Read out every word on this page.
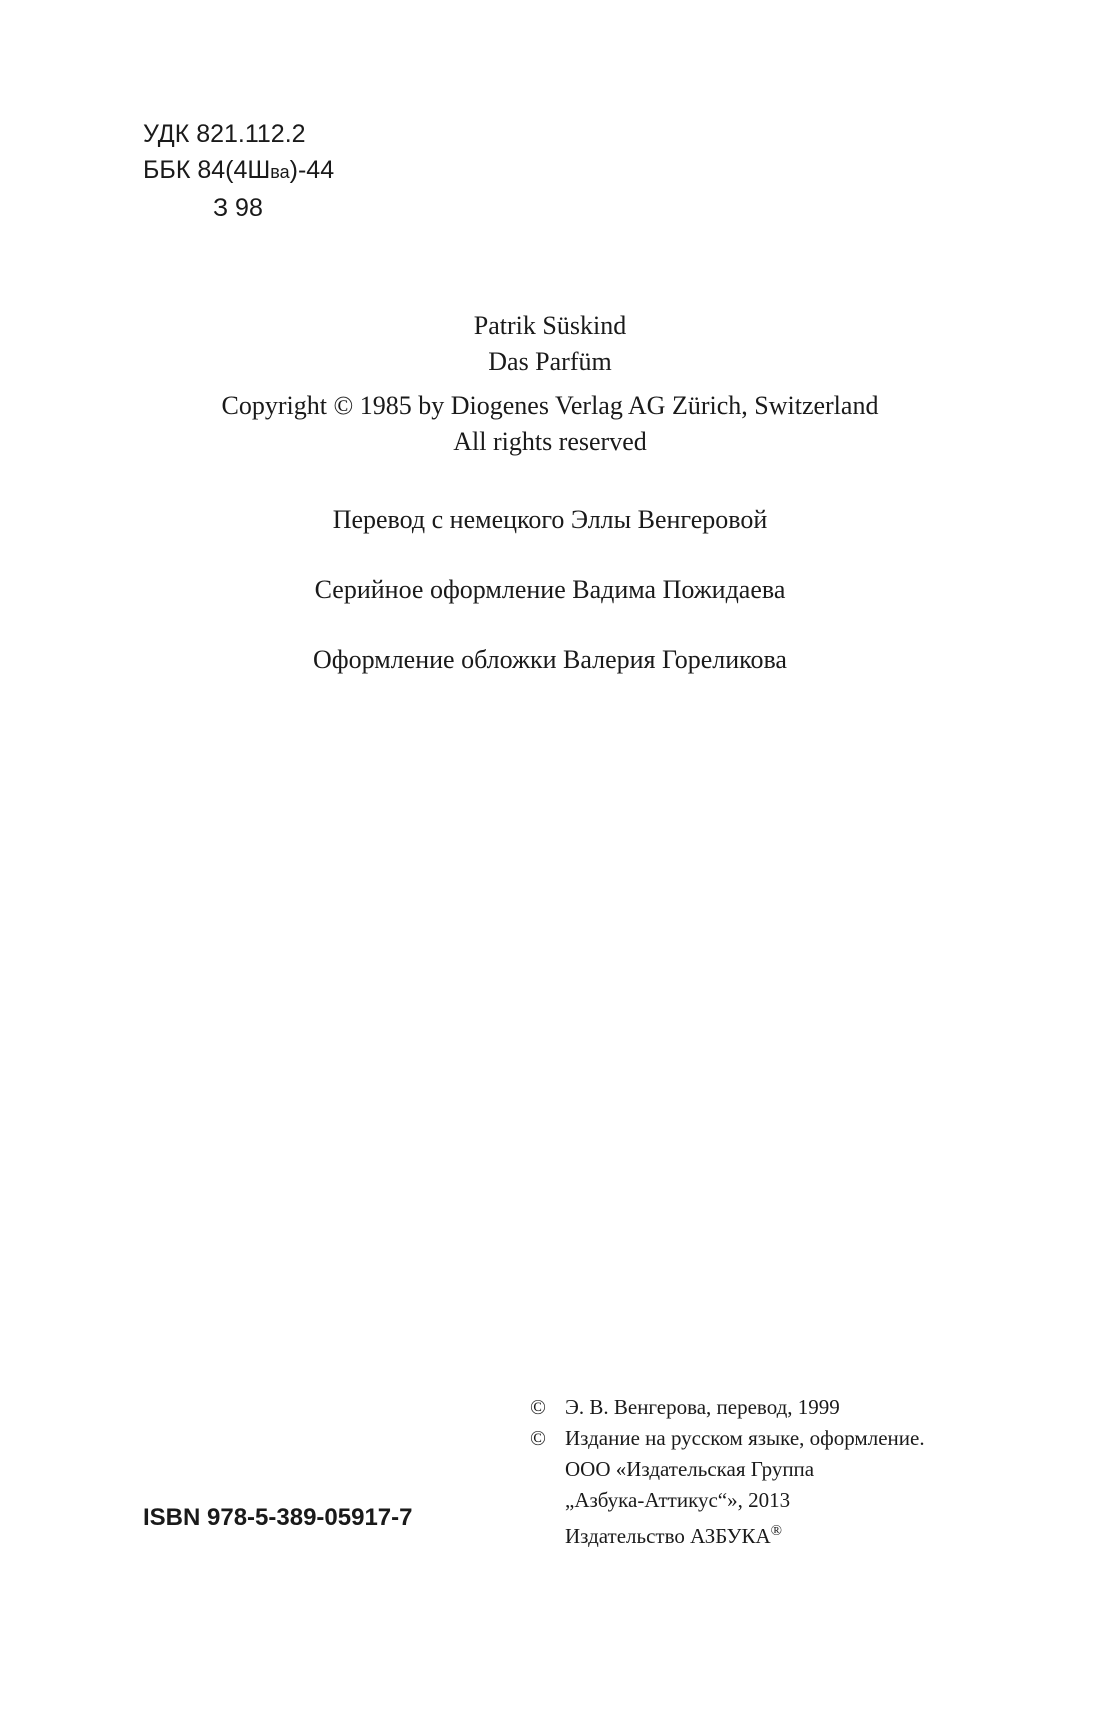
УДК 821.112.2
ББК 84(4Шва)-44
З 98
Patrik Süskind
Das Parfüm
Copyright © 1985 by Diogenes Verlag AG Zürich, Switzerland
All rights reserved
Перевод с немецкого Эллы Венгеровой
Серийное оформление Вадима Пожидаева
Оформление обложки Валерия Гореликова
ISBN 978-5-389-05917-7
© Э. В. Венгерова, перевод, 1999
© Издание на русском языке, оформление.
ООО «Издательская Группа
„Азбука-Аттикус“», 2013
Издательство АЗБУКА®
